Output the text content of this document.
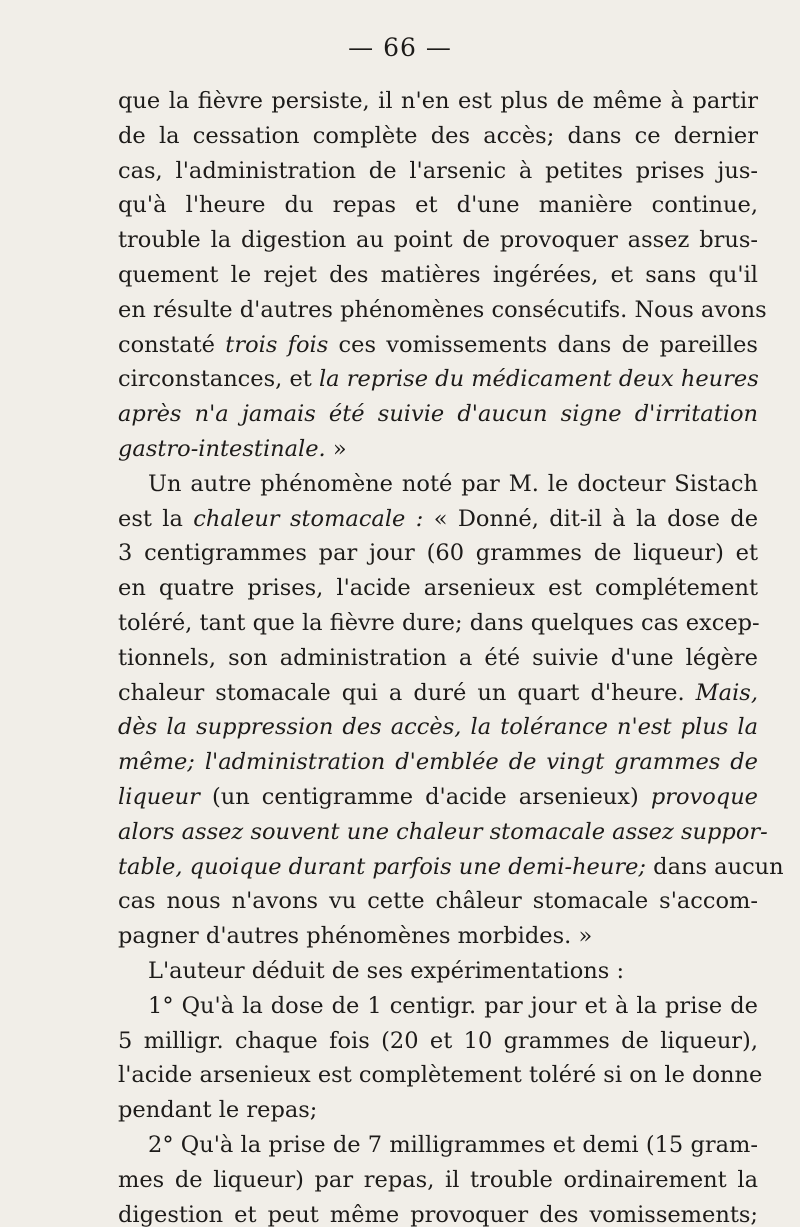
— 66 —
que la fièvre persiste, il n'en est plus de même à partir
de la cessation complète des accès; dans ce dernier
cas, l'administration de l'arsenic à petites prises jus-
qu'à l'heure du repas et d'une manière continue,
trouble la digestion au point de provoquer assez brus-
quement le rejet des matières ingérées, et sans qu'il
en résulte d'autres phénomènes consécutifs. Nous avons
constaté trois fois ces vomissements dans de pareilles
circonstances, et la reprise du médicament deux heures
après n'a jamais été suivie d'aucun signe d'irritation
gastro-intestinale. »
Un autre phénomène noté par M. le docteur Sistach
est la chaleur stomacale : « Donné, dit-il à la dose de
3 centigrammes par jour (60 grammes de liqueur) et
en quatre prises, l'acide arsenieux est complétement
toléré, tant que la fièvre dure; dans quelques cas excep-
tionnels, son administration a été suivie d'une légère
chaleur stomacale qui a duré un quart d'heure. Mais,
dès la suppression des accès, la tolérance n'est plus la
même; l'administration d'emblée de vingt grammes de
liqueur (un centigramme d'acide arsenieux) provoque
alors assez souvent une chaleur stomacale assez suppor-
table, quoique durant parfois une demi-heure; dans aucun
cas nous n'avons vu cette châleur stomacale s'accom-
pagner d'autres phénomènes morbides. »
L'auteur déduit de ses expérimentations :
1° Qu'à la dose de 1 centigr. par jour et à la prise de
5 milligr. chaque fois (20 et 10 grammes de liqueur),
l'acide arsenieux est complètement toléré si on le donne
pendant le repas;
2° Qu'à la prise de 7 milligrammes et demi (15 gram-
mes de liqueur) par repas, il trouble ordinairement la
digestion et peut même provoquer des vomissements;
